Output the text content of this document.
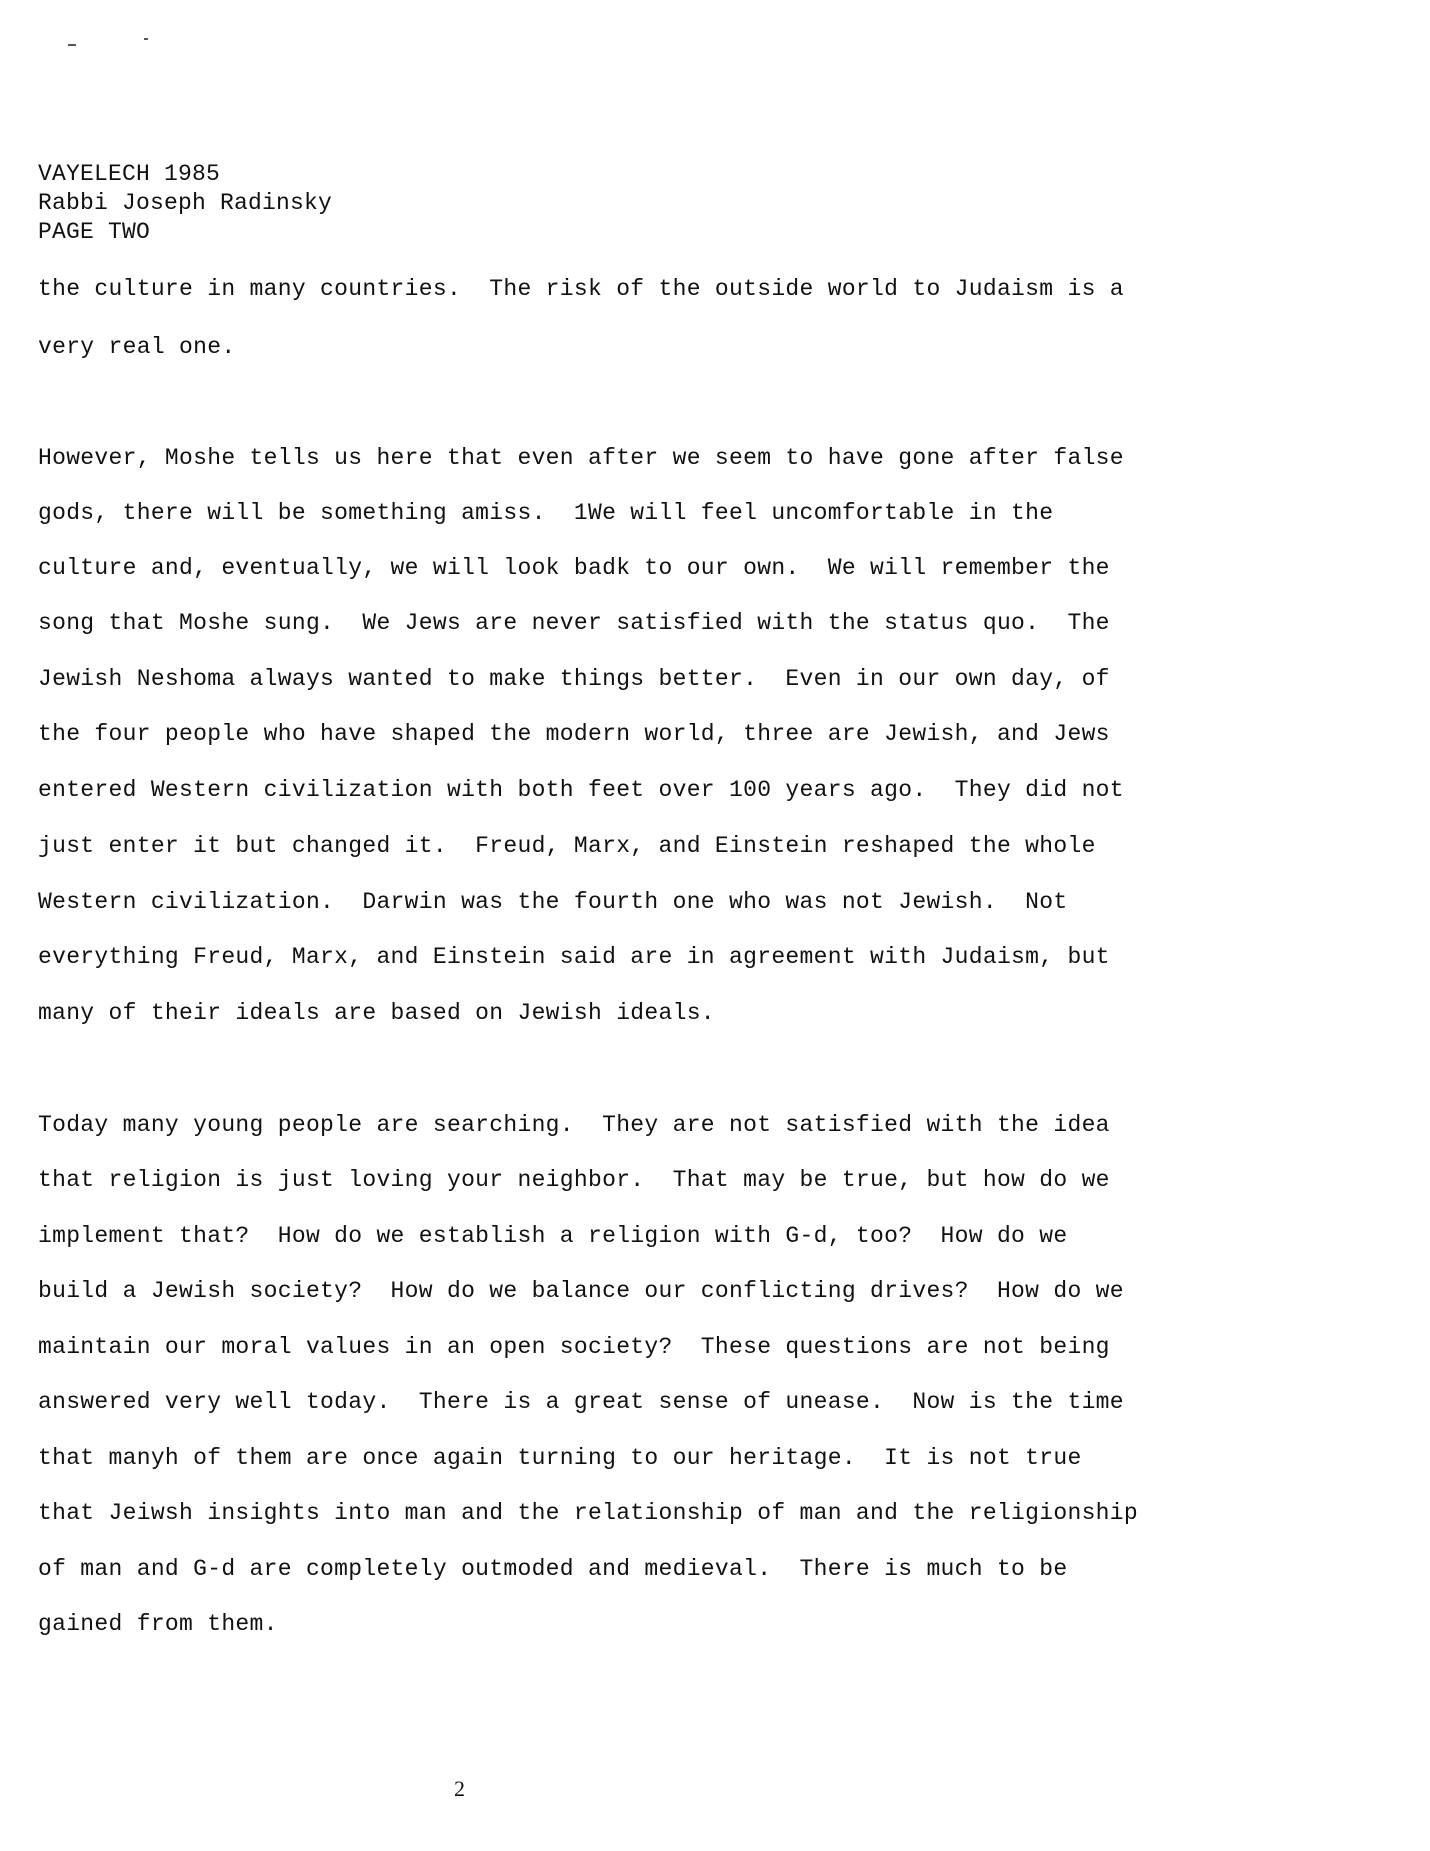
VAYELECH 1985
Rabbi Joseph Radinsky
PAGE TWO
the culture in many countries.  The risk of the outside world to Judaism is a
very real one.
However, Moshe tells us here that even after we seem to have gone after false
gods, there will be something amiss.  1We will feel uncomfortable in the
culture and, eventually, we will look badk to our own.  We will remember the
song that Moshe sung.  We Jews are never satisfied with the status quo.  The
Jewish Neshoma always wanted to make things better.  Even in our own day, of
the four people who have shaped the modern world, three are Jewish, and Jews
entered Western civilization with both feet over 100 years ago.  They did not
just enter it but changed it.  Freud, Marx, and Einstein reshaped the whole
Western civilization.  Darwin was the fourth one who was not Jewish.  Not
everything Freud, Marx, and Einstein said are in agreement with Judaism, but
many of their ideals are based on Jewish ideals.
Today many young people are searching.  They are not satisfied with the idea
that religion is just loving your neighbor.  That may be true, but how do we
implement that?  How do we establish a religion with G-d, too?  How do we
build a Jewish society?  How do we balance our conflicting drives?  How do we
maintain our moral values in an open society?  These questions are not being
answered very well today.  There is a great sense of unease.  Now is the time
that manyh of them are once again turning to our heritage.  It is not true
that Jeiwsh insights into man and the relationship of man and the religionship
of man and G-d are completely outmoded and medieval.  There is much to be
gained from them.
2
